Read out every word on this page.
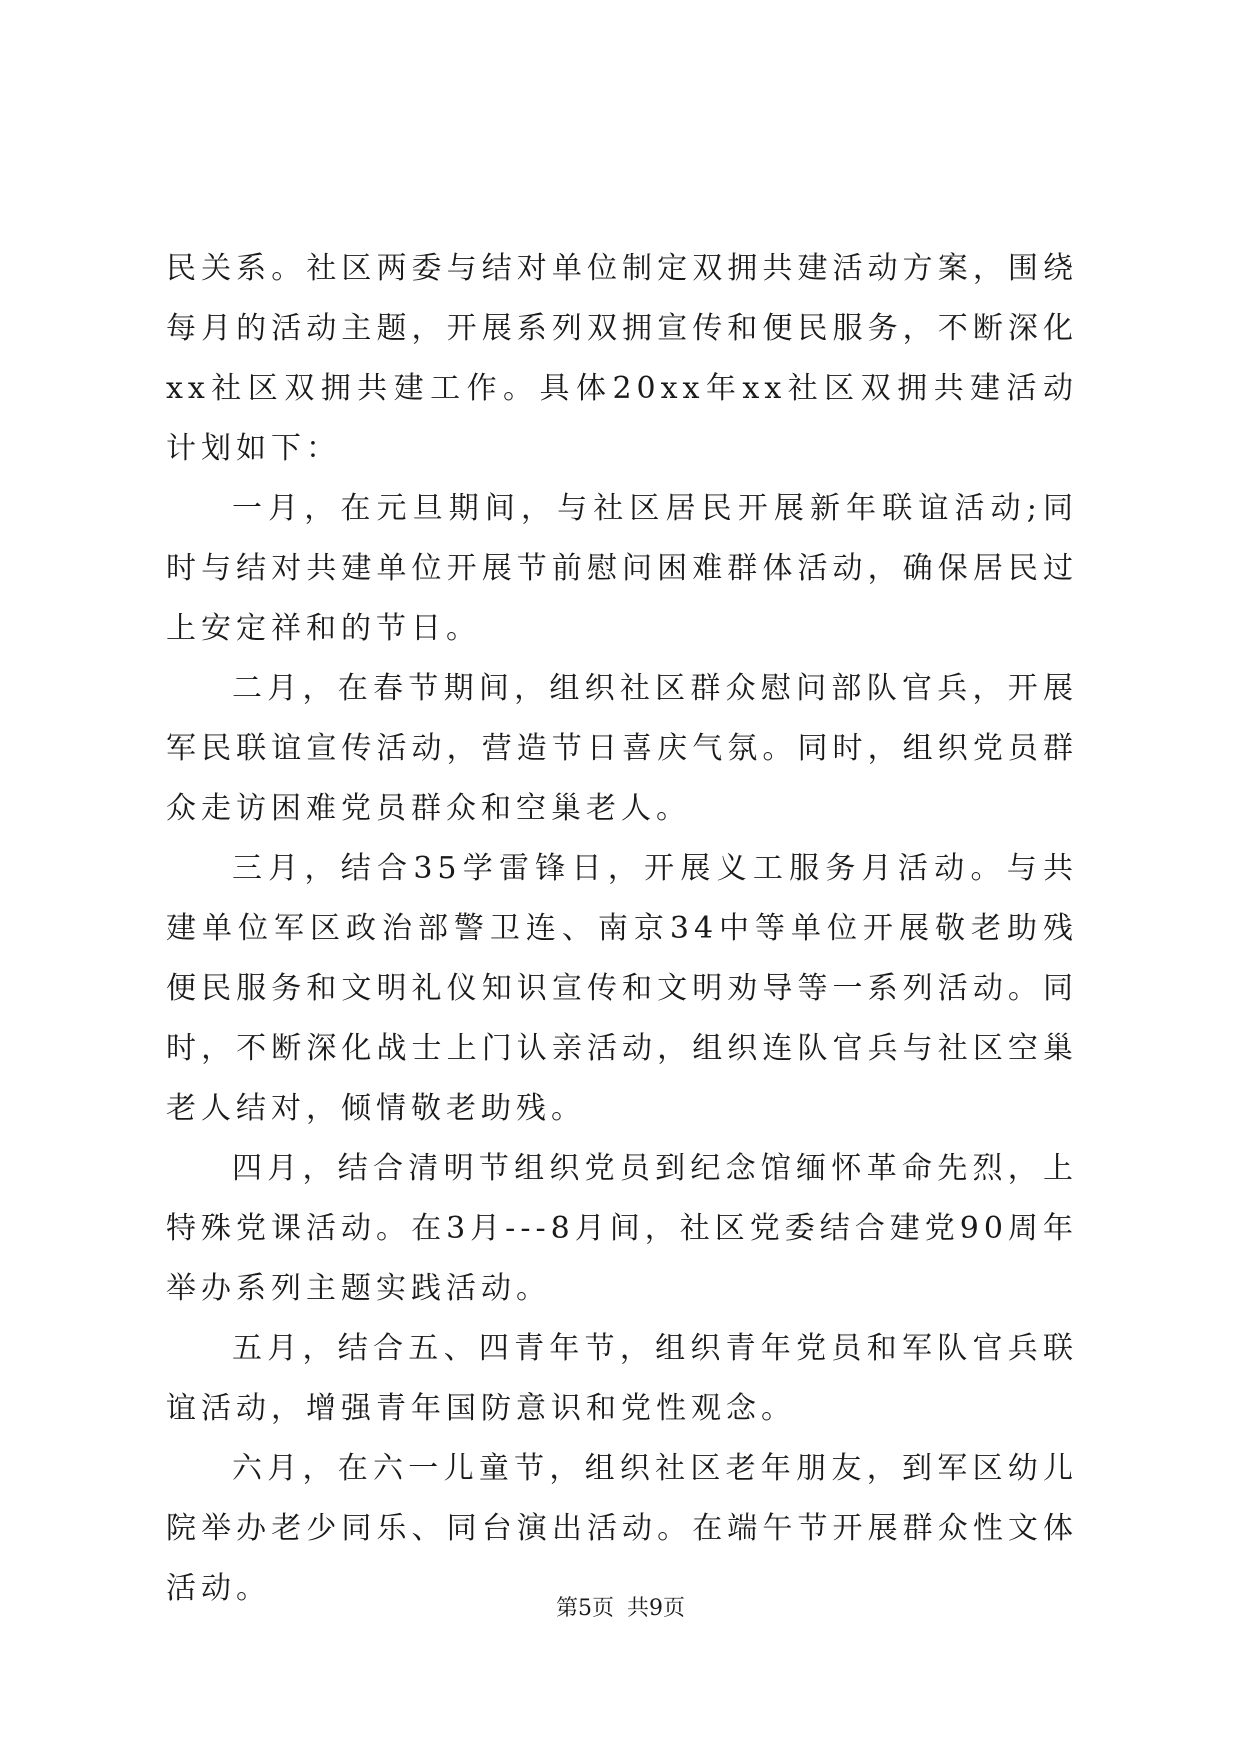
民关系。社区两委与结对单位制定双拥共建活动方案，围绕每月的活动主题，开展系列双拥宣传和便民服务，不断深化xx社区双拥共建工作。具体20xx年xx社区双拥共建活动计划如下：

一月，在元旦期间，与社区居民开展新年联谊活动;同时与结对共建单位开展节前慰问困难群体活动，确保居民过上安定祥和的节日。

二月，在春节期间，组织社区群众慰问部队官兵，开展军民联谊宣传活动，营造节日喜庆气氛。同时，组织党员群众走访困难党员群众和空巢老人。

三月，结合35学雷锋日，开展义工服务月活动。与共建单位军区政治部警卫连、南京34中等单位开展敬老助残便民服务和文明礼仪知识宣传和文明劝导等一系列活动。同时，不断深化战士上门认亲活动，组织连队官兵与社区空巢老人结对，倾情敬老助残。

四月，结合清明节组织党员到纪念馆缅怀革命先烈，上特殊党课活动。在3月---8月间，社区党委结合建党90周年举办系列主题实践活动。

五月，结合五、四青年节，组织青年党员和军队官兵联谊活动，增强青年国防意识和党性观念。

六月，在六一儿童节，组织社区老年朋友，到军区幼儿院举办老少同乐、同台演出活动。在端午节开展群众性文体活动。

第5页 共9页
